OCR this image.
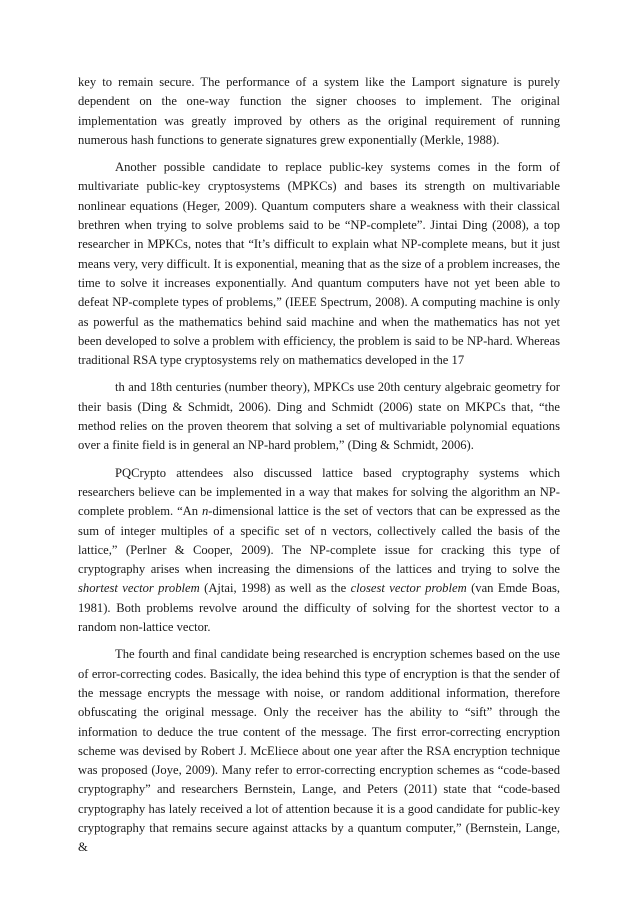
key to remain secure. The performance of a system like the Lamport signature is purely dependent on the one-way function the signer chooses to implement. The original implementation was greatly improved by others as the original requirement of running numerous hash functions to generate signatures grew exponentially (Merkle, 1988).

Another possible candidate to replace public-key systems comes in the form of multivariate public-key cryptosystems (MPKCs) and bases its strength on multivariable nonlinear equations (Heger, 2009). Quantum computers share a weakness with their classical brethren when trying to solve problems said to be “NP-complete”. Jintai Ding (2008), a top researcher in MPKCs, notes that “It’s difficult to explain what NP-complete means, but it just means very, very difficult. It is exponential, meaning that as the size of a problem increases, the time to solve it increases exponentially. And quantum computers have not yet been able to defeat NP-complete types of problems,” (IEEE Spectrum, 2008). A computing machine is only as powerful as the mathematics behind said machine and when the mathematics has not yet been developed to solve a problem with efficiency, the problem is said to be NP-hard. Whereas traditional RSA type cryptosystems rely on mathematics developed in the 17

th and 18th centuries (number theory), MPKCs use 20th century algebraic geometry for their basis (Ding & Schmidt, 2006). Ding and Schmidt (2006) state on MKPCs that, “the method relies on the proven theorem that solving a set of multivariable polynomial equations over a finite field is in general an NP-hard problem,” (Ding & Schmidt, 2006).

PQCrypto attendees also discussed lattice based cryptography systems which researchers believe can be implemented in a way that makes for solving the algorithm an NP-complete problem. “An n-dimensional lattice is the set of vectors that can be expressed as the sum of integer multiples of a specific set of n vectors, collectively called the basis of the lattice,” (Perlner & Cooper, 2009). The NP-complete issue for cracking this type of cryptography arises when increasing the dimensions of the lattices and trying to solve the shortest vector problem (Ajtai, 1998) as well as the closest vector problem (van Emde Boas, 1981). Both problems revolve around the difficulty of solving for the shortest vector to a random non-lattice vector.

The fourth and final candidate being researched is encryption schemes based on the use of error-correcting codes. Basically, the idea behind this type of encryption is that the sender of the message encrypts the message with noise, or random additional information, therefore obfuscating the original message. Only the receiver has the ability to “sift” through the information to deduce the true content of the message. The first error-correcting encryption scheme was devised by Robert J. McEliece about one year after the RSA encryption technique was proposed (Joye, 2009). Many refer to error-correcting encryption schemes as “code-based cryptography” and researchers Bernstein, Lange, and Peters (2011) state that “code-based cryptography has lately received a lot of attention because it is a good candidate for public-key cryptography that remains secure against attacks by a quantum computer,” (Bernstein, Lange, &
